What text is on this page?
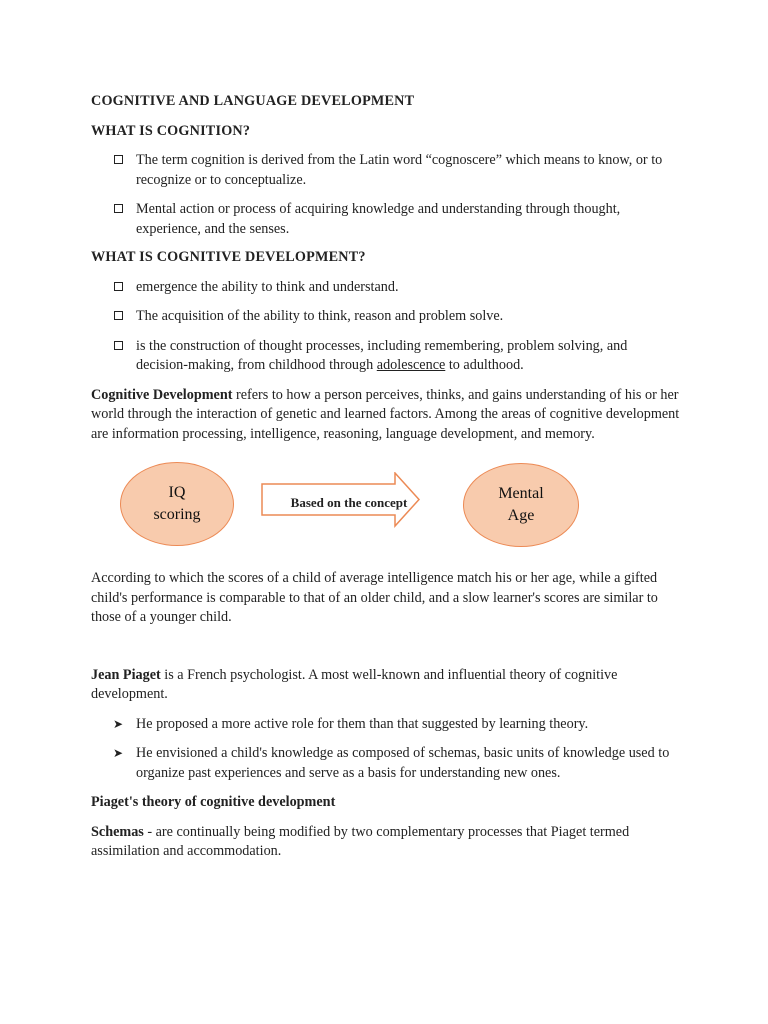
COGNITIVE AND LANGUAGE DEVELOPMENT
WHAT IS COGNITION?
The term cognition is derived from the Latin word “cognoscere” which means to know, or to recognize or to conceptualize.
Mental action or process of acquiring knowledge and understanding through thought, experience, and the senses.
WHAT IS COGNITIVE DEVELOPMENT?
emergence the ability to think and understand.
The acquisition of the ability to think, reason and problem solve.
is the construction of thought processes, including remembering, problem solving, and decision-making, from childhood through adolescence to adulthood.

Cognitive Development refers to how a person perceives, thinks, and gains understanding of his or her world through the interaction of genetic and learned factors. Among the areas of cognitive development are information processing, intelligence, reasoning, language development, and memory.

IQ
scoring
Based on the concept
Mental
Age

According to which the scores of a child of average intelligence match his or her age, while a gifted child's performance is comparable to that of an older child, and a slow learner's scores are similar to those of a younger child.

Jean Piaget is a French psychologist. A most well-known and influential theory of cognitive development.

➤ He proposed a more active role for them than that suggested by learning theory.
➤ He envisioned a child's knowledge as composed of schemas, basic units of knowledge used to organize past experiences and serve as a basis for understanding new ones.
Piaget's theory of cognitive development

Schemas - are continually being modified by two complementary processes that Piaget termed assimilation and accommodation.
